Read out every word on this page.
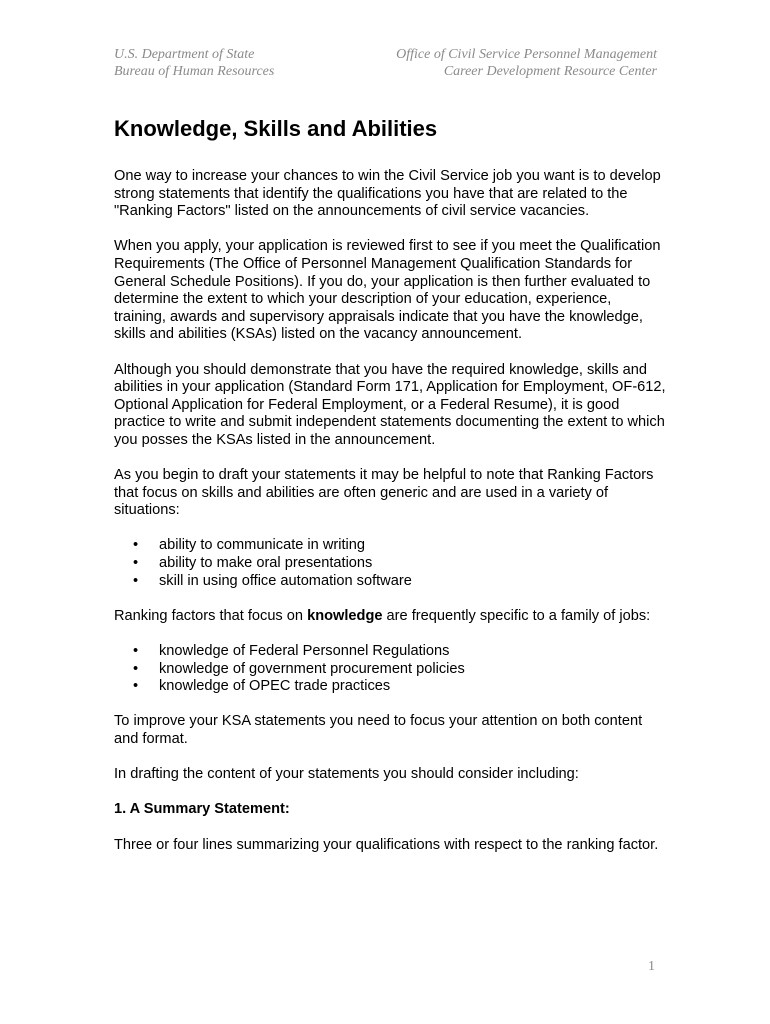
U.S. Department of State
Bureau of Human Resources
Office of Civil Service Personnel Management
Career Development Resource Center
Knowledge, Skills and Abilities

One way to increase your chances to win the Civil Service job you want is to develop strong statements that identify the qualifications you have that are related to the "Ranking Factors" listed on the announcements of civil service vacancies.

When you apply, your application is reviewed first to see if you meet the Qualification Requirements (The Office of Personnel Management Qualification Standards for General Schedule Positions). If you do, your application is then further evaluated to determine the extent to which your description of your education, experience, training, awards and supervisory appraisals indicate that you have the knowledge, skills and abilities (KSAs) listed on the vacancy announcement.

Although you should demonstrate that you have the required knowledge, skills and abilities in your application (Standard Form 171, Application for Employment, OF-612, Optional Application for Federal Employment, or a Federal Resume), it is good practice to write and submit independent statements documenting the extent to which you posses the KSAs listed in the announcement.

As you begin to draft your statements it may be helpful to note that Ranking Factors that focus on skills and abilities are often generic and are used in a variety of situations:

• ability to communicate in writing
• ability to make oral presentations
• skill in using office automation software

Ranking factors that focus on knowledge are frequently specific to a family of jobs:

• knowledge of Federal Personnel Regulations
• knowledge of government procurement policies
• knowledge of OPEC trade practices

To improve your KSA statements you need to focus your attention on both content and format.

In drafting the content of your statements you should consider including:

1. A Summary Statement:

Three or four lines summarizing your qualifications with respect to the ranking factor.

1
